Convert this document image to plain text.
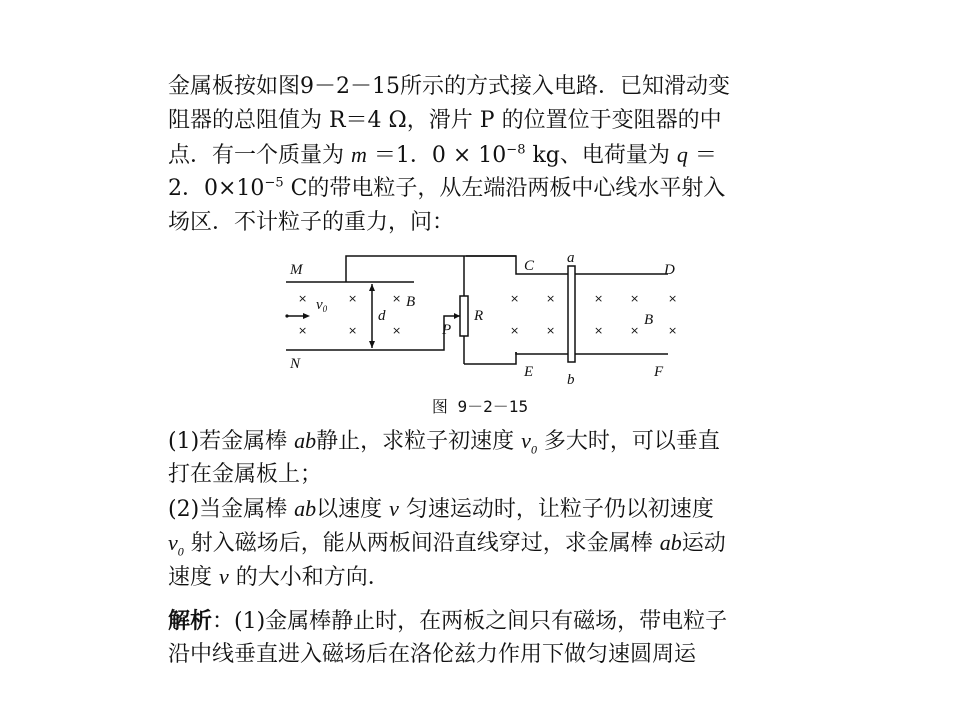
金属板按如图9－2－15所示的方式接入电路．已知滑动变
阻器的总阻值为 R＝4 Ω，滑片 P 的位置位于变阻器的中
点．有一个质量为 m ＝1．$0 \times 10^{-8}$ kg、电荷量为 q ＝
2．$0\times 10^{-5}$ C的带电粒子，从左端沿两板中心线水平射入
场区．不计粒子的重力，问：
×	×	×
×	×	×
× ×	× ×	×
× ×	× ×	×
M
N
$v_0$	d
B
P
R
C
E
a
b
D
F
B
图 9－2－15
(1)若金属棒 ab静止，求粒子初速度 $v_0$ 多大时，可以垂直
打在金属板上；
(2)当金属棒 ab以速度 v 匀速运动时，让粒子仍以初速度
$v_0$ 射入磁场后，能从两板间沿直线穿过，求金属棒 ab运动
速度 v 的大小和方向．
解析：(1)金属棒静止时，在两板之间只有磁场，带电粒子
沿中线垂直进入磁场后在洛伦兹力作用下做匀速圆周运
